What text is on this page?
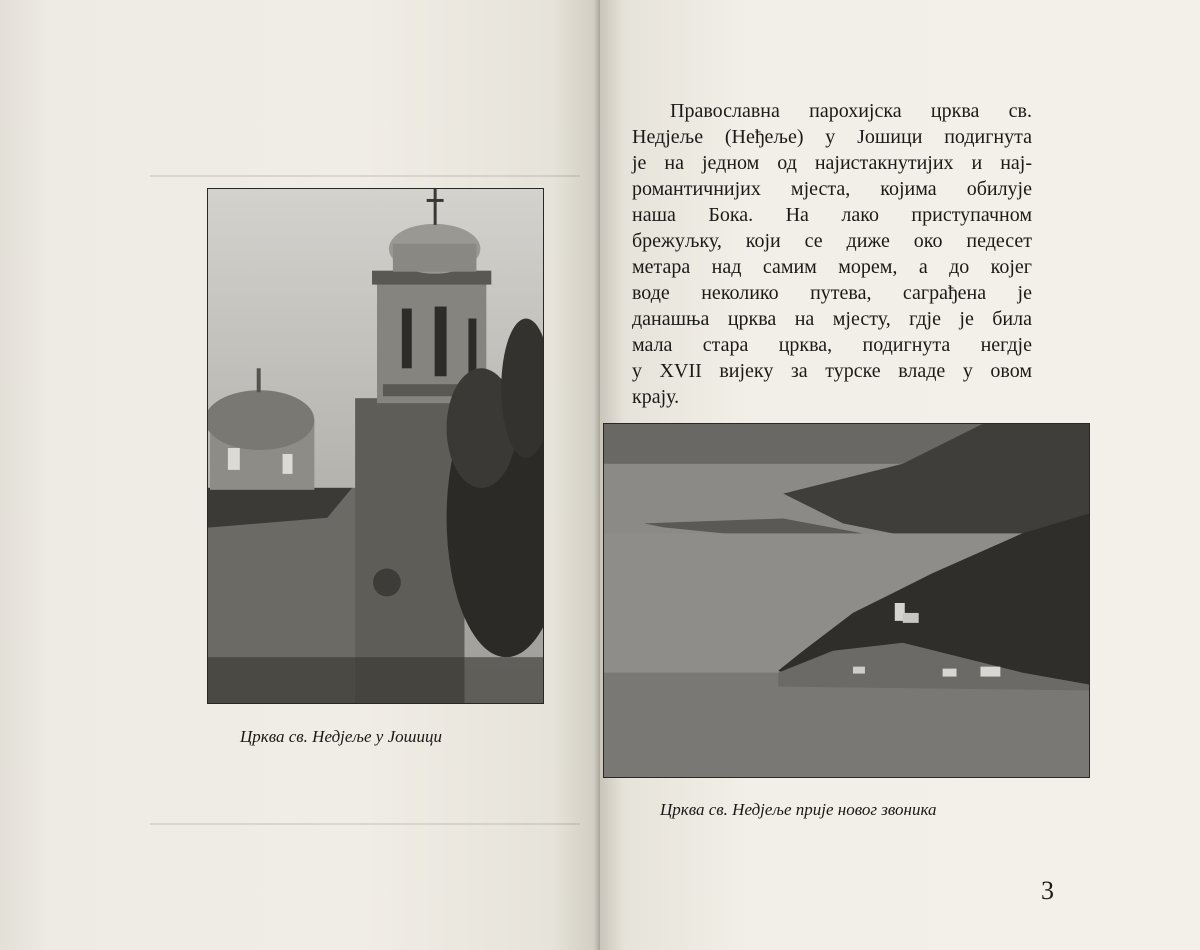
Црква св. Недјеље у Јошици
Православна парохијска црква св.
Недјеље (Неђеље) у Јошици подигнута
је на једном од најистакнутијих и нај-
романтичнијих мјеста, којима обилује
наша Бока. На лако приступачном
брежуљку, који се диже око педесет
метара над самим морем, а до којег
воде неколико путева, саграђена је
данашња црква на мјесту, гдје је била
мала стара црква, подигнута негдје
у XVII вијеку за турске владе у овом
крају.
Црква св. Недјеље прије новог звоника
3
